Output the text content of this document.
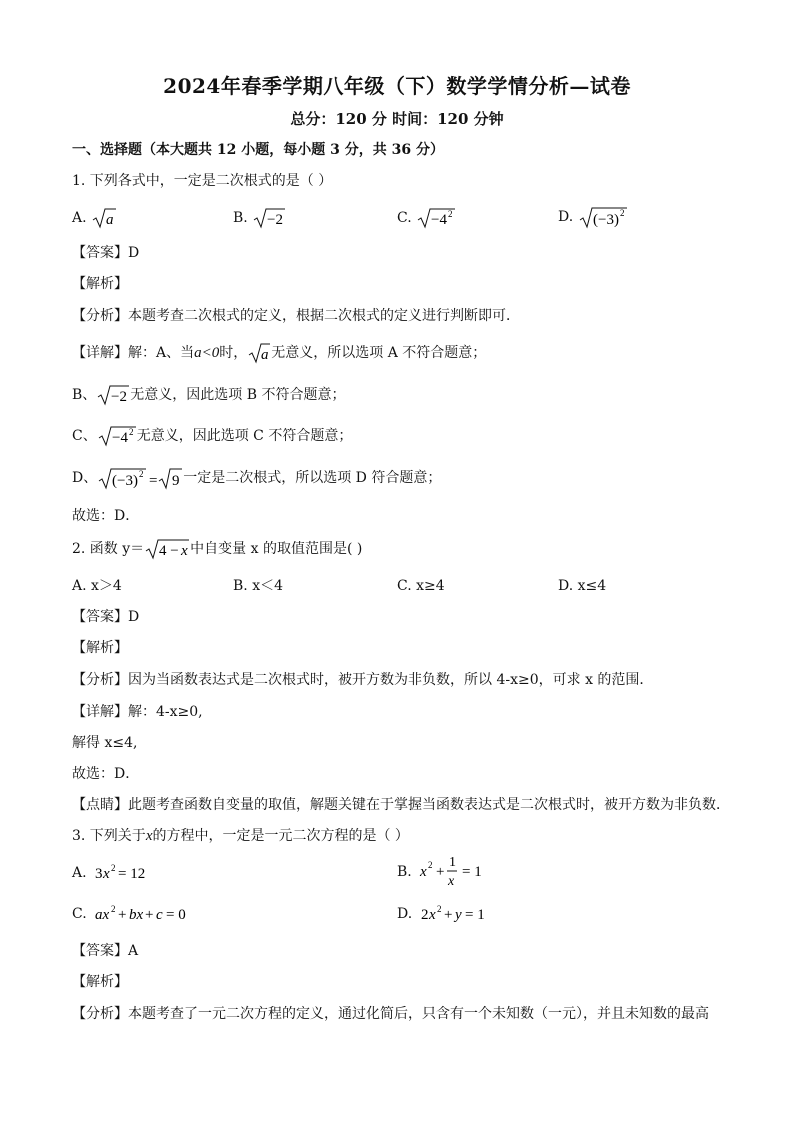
2024年春季学期八年级（下）数学学情分析—试卷
总分：120 分 时间：120 分钟
一、选择题（本大题共 12 小题，每小题 3 分，共 36 分）
1. 下列各式中，一定是二次根式的是（ ）
A. a	B. −2	C. −4 2	D. (−3) 2
【答案】D
【解析】
【分析】本题考查二次根式的定义，根据二次根式的定义进行判断即可．
【详解】解：A、当a<0时， a 无意义，所以选项 A 不符合题意；
B、 −2 无意义，因此选项 B 不符合题意；
C、 −4 2 无意义，因此选项 C 不符合题意；
D、 (−3) 2 = 9 一定是二次根式，所以选项 D 符合题意；
故选：D．
2. 函数 y＝ 4 − x 中自变量 x 的取值范围是( )
A. x＞4	B. x＜4	C. x≥4	D. x≤4
【答案】D
【解析】
【分析】因为当函数表达式是二次根式时，被开方数为非负数，所以 4-x≥0，可求 x 的范围．
【详解】解：4-x≥0,
解得 x≤4,
故选：D．
【点睛】此题考查函数自变量的取值，解题关键在于掌握当函数表达式是二次根式时，被开方数为非负数．
3. 下列关于x的方程中，一定是一元二次方程的是（ ）
A. 3 x 2 = 12	B. x 2 +
1
x
= 1
C. ax 2 + bx + c = 0	D. 2 x 2 + y = 1
【答案】A
【解析】
【分析】本题考查了一元二次方程的定义，通过化简后，只含有一个未知数（一元），并且未知数的最高
